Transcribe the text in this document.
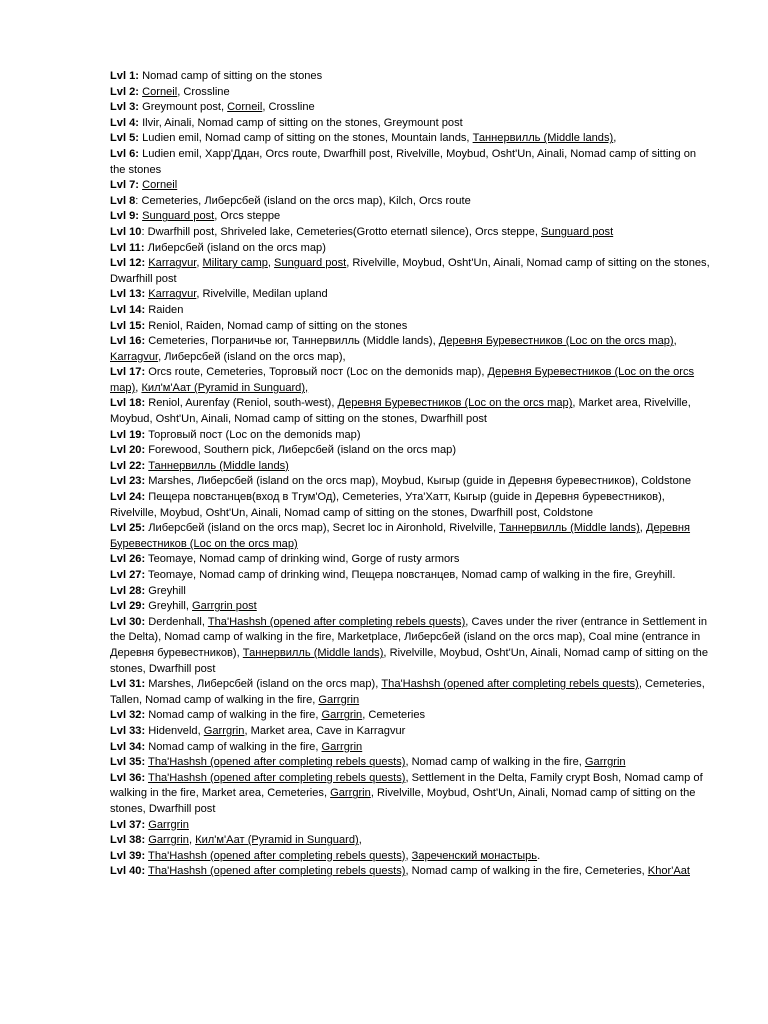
Lvl 1: Nomad camp of sitting on the stones

Lvl 2: Corneil, Crossline

Lvl 3: Greymount post, Corneil, Crossline

Lvl 4: Ilvir, Ainali, Nomad camp of sitting on the stones, Greymount post

Lvl 5: Ludien emil, Nomad camp of sitting on the stones, Mountain lands, Таннервилль (Middle lands),

Lvl 6: Ludien emil, Харр'Ддан, Orcs route, Dwarfhill post, Rivelville, Moybud, Osht'Un, Ainali, Nomad camp of sitting on the stones

Lvl 7: Corneil

Lvl 8: Cemeteries, Либерсбей (island on the orcs map), Kilch, Orcs route

Lvl 9: Sunguard post, Orcs steppe

Lvl 10: Dwarfhill post, Shriveled lake, Cemeteries(Grotto eternatl silence), Orcs steppe, Sunguard post

Lvl 11: Либерсбей (island on the orcs map)

Lvl 12: Karragvur, Military camp, Sunguard post, Rivelville, Moybud, Osht'Un, Ainali, Nomad camp of sitting on the stones, Dwarfhill post

Lvl 13: Karragvur, Rivelville, Medilan upland

Lvl 14: Raiden

Lvl 15: Reniol, Raiden, Nomad camp of sitting on the stones

Lvl 16: Cemeteries, Пограничье юг, Таннервилль (Middle lands), Деревня Буревестников (Loc on the orcs map), Karragvur, Либерсбей (island on the orcs map),

Lvl 17: Orcs route, Cemeteries, Торговый пост (Loc on the demonids map), Деревня Буревестников (Loc on the orcs map), Кил'м'Аат (Pyramid in Sunguard),

Lvl 18: Reniol, Aurenfay (Reniol, south-west), Деревня Буревестников (Loc on the orcs map), Market area, Rivelville, Moybud, Osht'Un, Ainali, Nomad camp of sitting on the stones, Dwarfhill post

Lvl 19: Торговый пост (Loc on the demonids map)

Lvl 20: Forewood, Southern pick, Либерсбей (island on the orcs map)

Lvl 22: Таннервилль (Middle lands)

Lvl 23: Marshes, Либерсбей (island on the orcs map), Moybud, Кыгыр (guide in Деревня буревестников), Coldstone

Lvl 24: Пещера повстанцев(вход в Тгум'Од), Cemeteries, Ута'Хатт, Кыгыр (guide in Деревня буревестников), Rivelville, Moybud, Osht'Un, Ainali, Nomad camp of sitting on the stones, Dwarfhill post, Coldstone

Lvl 25: Либерсбей (island on the orcs map), Secret loc in Aironhold, Rivelville, Таннервилль (Middle lands), Деревня Буревестников (Loc on the orcs map)

Lvl 26: Teomaye, Nomad camp of drinking wind, Gorge of rusty armors

Lvl 27: Teomaye, Nomad camp of drinking wind, Пещера повстанцев, Nomad camp of walking in the fire, Greyhill.

Lvl 28: Greyhill

Lvl 29: Greyhill, Garrgrin post

Lvl 30: Derdenhall, Tha'Hashsh (opened after completing rebels quests), Caves under the river (entrance in Settlement in the Delta), Nomad camp of walking in the fire, Marketplace, Либерсбей (island on the orcs map), Coal mine (entrance in Деревня буревестников), Таннервилль (Middle lands), Rivelville, Moybud, Osht'Un, Ainali, Nomad camp of sitting on the stones, Dwarfhill post

Lvl 31: Marshes, Либерсбей (island on the orcs map), Tha'Hashsh (opened after completing rebels quests), Cemeteries, Tallen, Nomad camp of walking in the fire, Garrgrin

Lvl 32: Nomad camp of walking in the fire, Garrgrin, Cemeteries

Lvl 33: Hidenveld, Garrgrin, Market area, Cave in Karragvur

Lvl 34: Nomad camp of walking in the fire, Garrgrin

Lvl 35: Tha'Hashsh (opened after completing rebels quests), Nomad camp of walking in the fire, Garrgrin

Lvl 36: Tha'Hashsh (opened after completing rebels quests), Settlement in the Delta, Family crypt Bosh, Nomad camp of walking in the fire, Market area, Cemeteries, Garrgrin, Rivelville, Moybud, Osht'Un, Ainali, Nomad camp of sitting on the stones, Dwarfhill post

Lvl 37: Garrgrin

Lvl 38: Garrgrin, Кил'м'Аат (Pyramid in Sunguard),

Lvl 39: Tha'Hashsh (opened after completing rebels quests), Зареченский монастырь.

Lvl 40: Tha'Hashsh (opened after completing rebels quests), Nomad camp of walking in the fire, Cemeteries, Khor'Aat
